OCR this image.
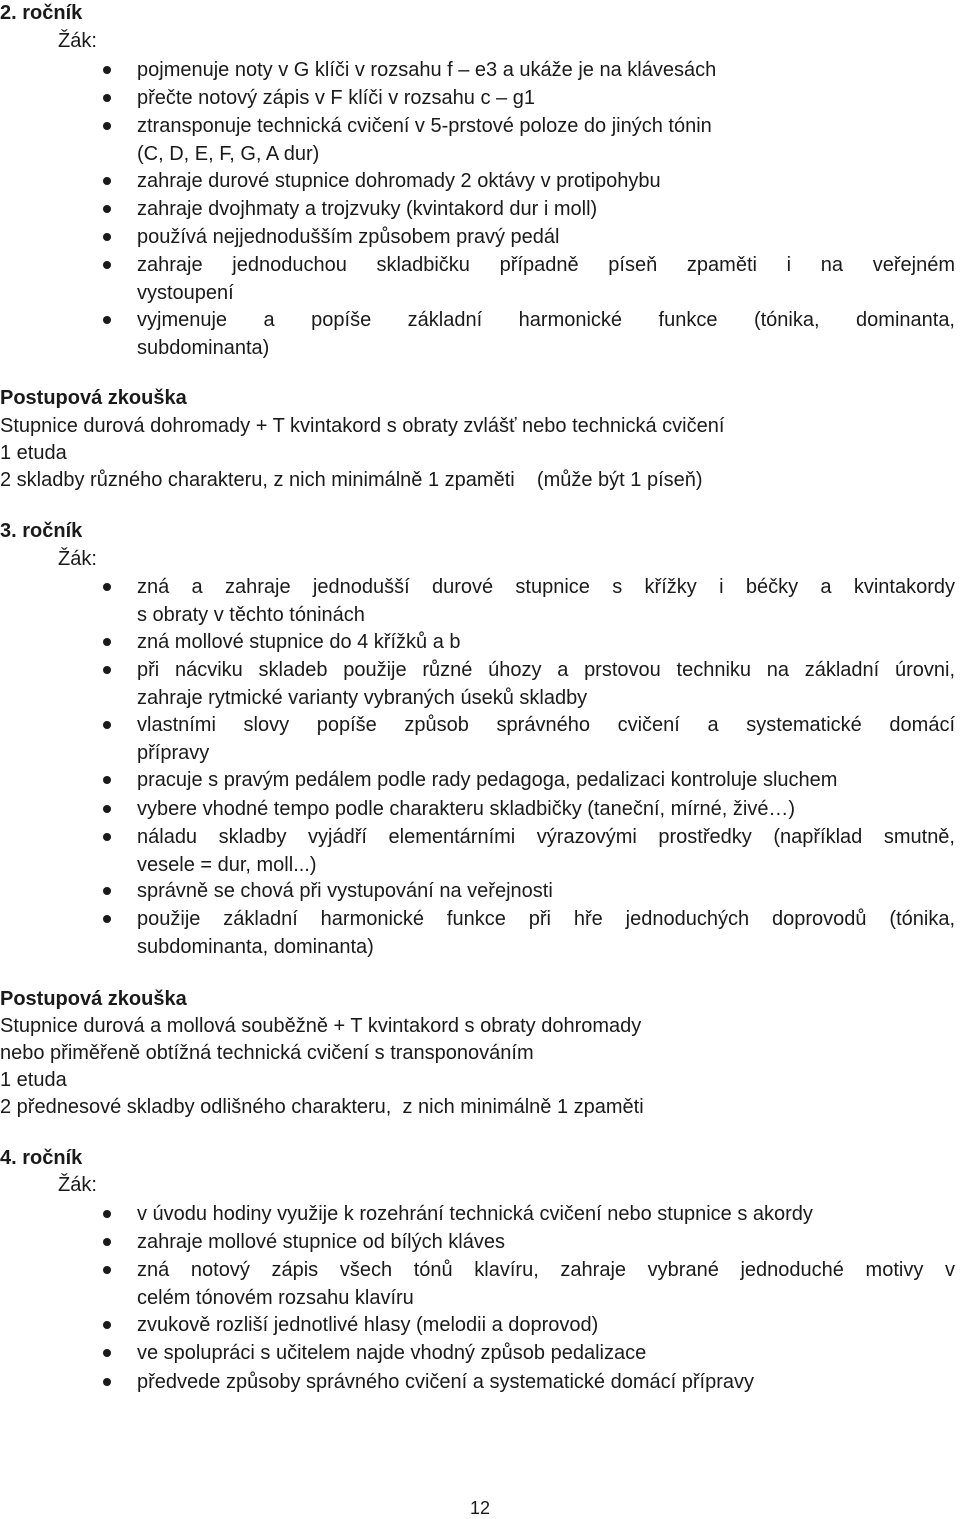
2. ročník
Žák:
pojmenuje noty v G klíči v rozsahu f – e3 a ukáže je na klávesách
přečte notový zápis v F klíči v rozsahu c – g1
ztransponuje technická cvičení v 5-prstové poloze do jiných tónin
(C, D, E, F, G, A dur)
zahraje durové stupnice dohromady 2 oktávy v protipohybu
zahraje dvojhmaty a trojzvuky (kvintakord dur i moll)
používá nejjednodušším způsobem pravý pedál
zahraje jednoduchou skladbičku případně píseň zpaměti i na veřejném
vystoupení
vyjmenuje a popíše základní harmonické funkce (tónika, dominanta,
subdominanta)
Postupová zkouška
Stupnice durová dohromady + T kvintakord s obraty zvlášť nebo technická cvičení
1 etuda
2 skladby různého charakteru, z nich minimálně 1 zpaměti    (může být 1 píseň)
3. ročník
Žák:
zná a zahraje jednodušší durové stupnice s křížky i béčky a kvintakordy
s obraty v těchto tóninách
zná mollové stupnice do 4 křížků a b
při nácviku skladeb použije různé úhozy a prstovou techniku na základní úrovni,
zahraje rytmické varianty vybraných úseků skladby
vlastními slovy popíše způsob správného cvičení a systematické domácí
přípravy
pracuje s pravým pedálem podle rady pedagoga, pedalizaci kontroluje sluchem
vybere vhodné tempo podle charakteru skladbičky (taneční, mírné, živé…)
náladu skladby vyjádří elementárními výrazovými prostředky (například smutně,
vesele = dur, moll...)
správně se chová při vystupování na veřejnosti
použije základní harmonické funkce při hře jednoduchých doprovodů (tónika,
subdominanta, dominanta)
Postupová zkouška
Stupnice durová a mollová souběžně + T kvintakord s obraty dohromady
nebo přiměřeně obtížná technická cvičení s transponováním
1 etuda
2 přednesové skladby odlišného charakteru,  z nich minimálně 1 zpaměti
4. ročník
Žák:
v úvodu hodiny využije k rozehrání technická cvičení nebo stupnice s akordy
zahraje mollové stupnice od bílých kláves
zná notový zápis všech tónů klavíru, zahraje vybrané jednoduché motivy v
celém tónovém rozsahu klavíru
zvukově rozliší jednotlivé hlasy (melodii a doprovod)
ve spolupráci s učitelem najde vhodný způsob pedalizace
předvede způsoby správného cvičení a systematické domácí přípravy
12
